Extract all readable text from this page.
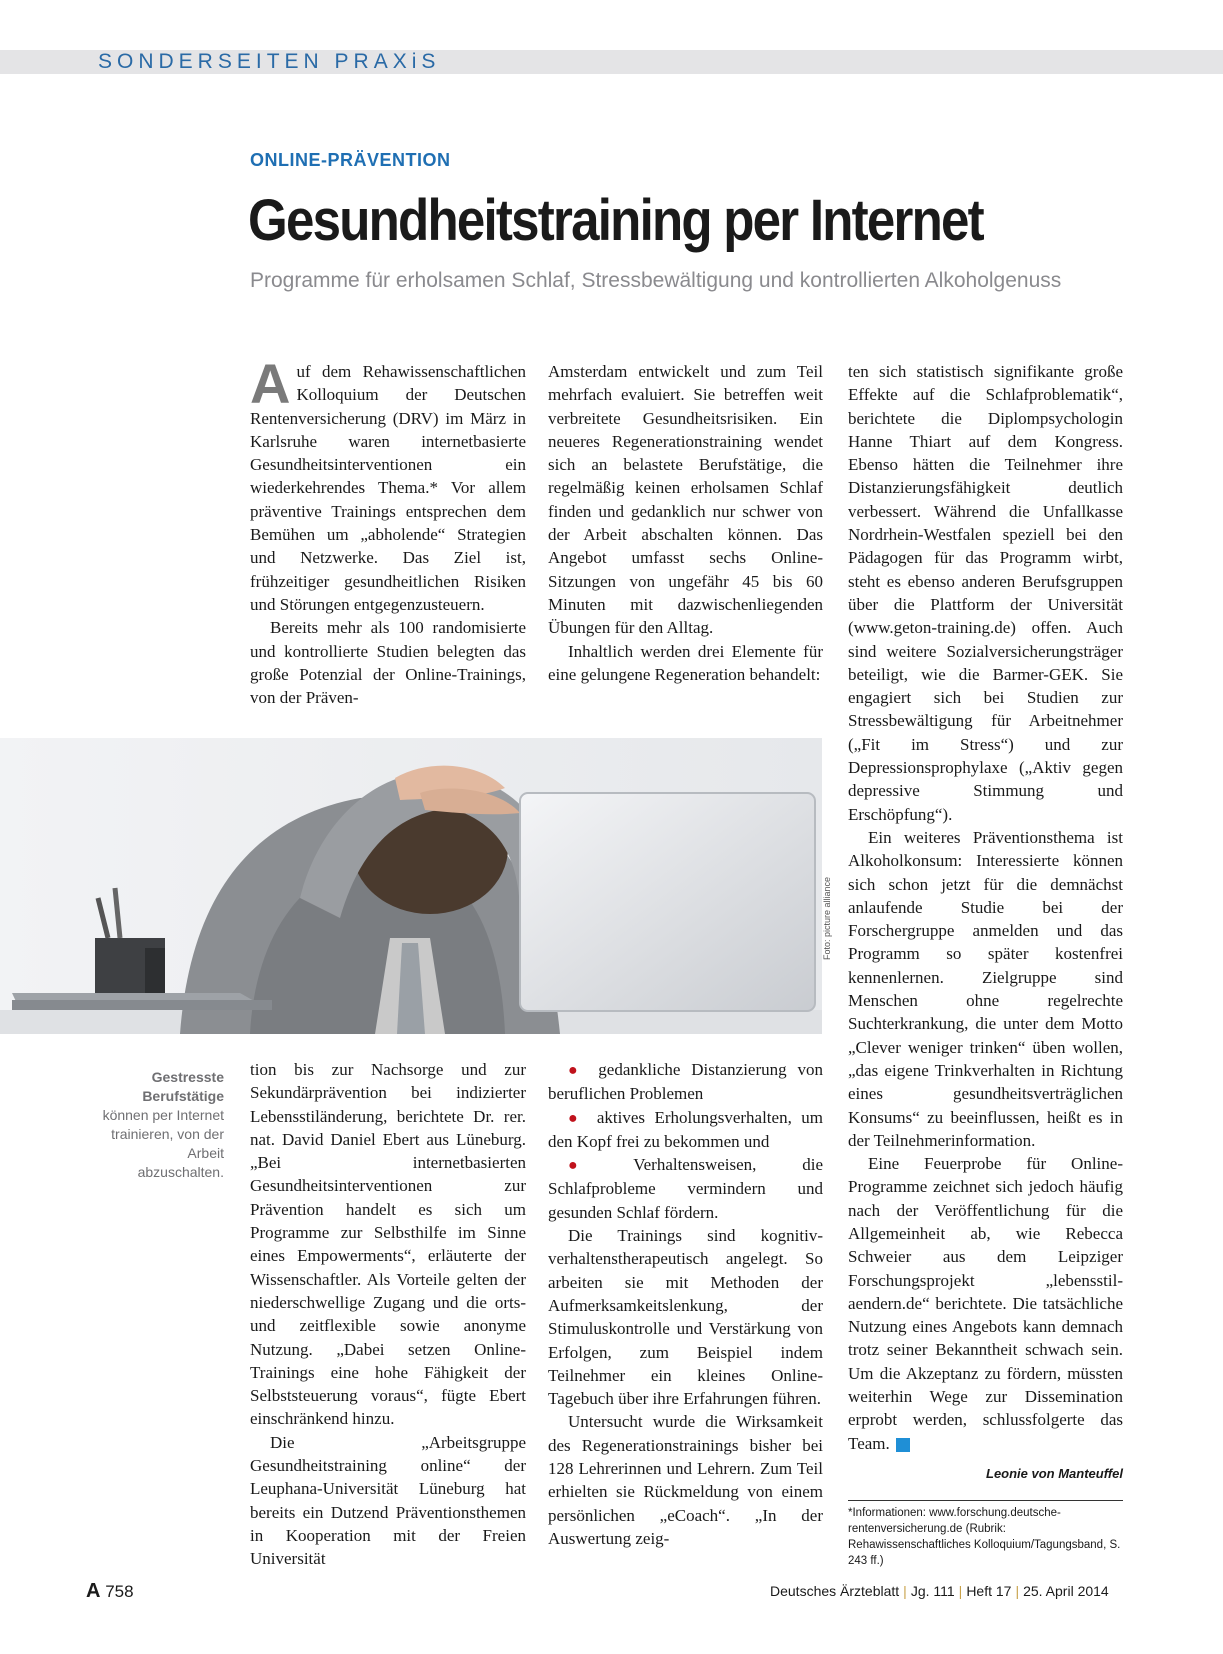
SONDERSEITEN PRAXiS
ONLINE-PRÄVENTION
Gesundheitstraining per Internet
Programme für erholsamen Schlaf, Stressbewältigung und kontrollierten Alkoholgenuss
A uf dem Rehawissenschaftlichen Kolloquium der Deutschen Rentenversicherung (DRV) im März in Karlsruhe waren internetbasierte Gesundheitsinterventionen ein wiederkehrendes Thema.* Vor allem präventive Trainings entsprechen dem Bemühen um „abholende“ Strategien und Netzwerke. Das Ziel ist, frühzeitiger gesundheitlichen Risiken und Störungen entgegenzusteuern.

Bereits mehr als 100 randomisierte und kontrollierte Studien belegten das große Potenzial der Online-Trainings, von der Präven-

Amsterdam entwickelt und zum Teil mehrfach evaluiert. Sie betreffen weit verbreitete Gesundheitsrisiken. Ein neueres Regenerationstraining wendet sich an belastete Berufstätige, die regelmäßig keinen erholsamen Schlaf finden und gedanklich nur schwer von der Arbeit abschalten können. Das Angebot umfasst sechs Online-Sitzungen von ungefähr 45 bis 60 Minuten mit dazwischenliegenden Übungen für den Alltag.

Inhaltlich werden drei Elemente für eine gelungene Regeneration behandelt:

ten sich statistisch signifikante große Effekte auf die Schlafproblematik“, berichtete die Diplompsychologin Hanne Thiart auf dem Kongress. Ebenso hätten die Teilnehmer ihre Distanzierungsfähigkeit deutlich verbessert. Während die Unfallkasse Nordrhein-Westfalen speziell bei den Pädagogen für das Programm wirbt, steht es ebenso anderen Berufsgruppen über die Plattform der Universität (www.geton-training.de) offen. Auch sind weitere Sozialversicherungsträger beteiligt, wie die Barmer-GEK. Sie engagiert sich bei Studien zur Stressbewältigung für Arbeitnehmer („Fit im Stress“) und zur Depressionsprophylaxe („Aktiv gegen depressive Stimmung und Erschöpfung“).

Ein weiteres Präventionsthema ist Alkoholkonsum: Interessierte können sich schon jetzt für die demnächst anlaufende Studie bei der Forschergruppe anmelden und das Programm so später kostenfrei kennenlernen. Zielgruppe sind Menschen ohne regelrechte Suchterkrankung, die unter dem Motto „Clever weniger trinken“ üben wollen, „das eigene Trinkverhalten in Richtung eines gesundheitsverträglichen Konsums“ zu beeinflussen, heißt es in der Teilnehmerinformation.

Eine Feuerprobe für Online-Programme zeichnet sich jedoch häufig nach der Veröffentlichung für die Allgemeinheit ab, wie Rebecca Schweier aus dem Leipziger Forschungsprojekt „lebensstil-aendern.de“ berichtete. Die tatsächliche Nutzung eines Angebots kann demnach trotz seiner Bekanntheit schwach sein. Um die Akzeptanz zu fördern, müssten weiterhin Wege zur Dissemination erprobt werden, schlussfolgerte das Team.

Foto: picture alliance
Gestresste Berufstätige können per Internet trainieren, von der Arbeit abzuschalten.

tion bis zur Nachsorge und zur Sekundärprävention bei indizierter Lebensstiländerung, berichtete Dr. rer. nat. David Daniel Ebert aus Lüneburg. „Bei internetbasierten Gesundheitsinterventionen zur Prävention handelt es sich um Programme zur Selbsthilfe im Sinne eines Empowerments“, erläuterte der Wissenschaftler. Als Vorteile gelten der niederschwellige Zugang und die orts- und zeitflexible sowie anonyme Nutzung. „Dabei setzen Online-Trainings eine hohe Fähigkeit der Selbststeuerung voraus“, fügte Ebert einschränkend hinzu.

Die „Arbeitsgruppe Gesundheitstraining online“ der Leuphana-Universität Lüneburg hat bereits ein Dutzend Präventionsthemen in Kooperation mit der Freien Universität

● gedankliche Distanzierung von beruflichen Problemen

● aktives Erholungsverhalten, um den Kopf frei zu bekommen und

● Verhaltensweisen, die Schlafprobleme vermindern und gesunden Schlaf fördern.

Die Trainings sind kognitiv-verhaltenstherapeutisch angelegt. So arbeiten sie mit Methoden der Aufmerksamkeitslenkung, der Stimuluskontrolle und Verstärkung von Erfolgen, zum Beispiel indem Teilnehmer ein kleines Online-Tagebuch über ihre Erfahrungen führen.

Untersucht wurde die Wirksamkeit des Regenerationstrainings bisher bei 128 Lehrerinnen und Lehrern. Zum Teil erhielten sie Rückmeldung von einem persönlichen „eCoach“. „In der Auswertung zeig-

Leonie von Manteuffel
*Informationen: www.forschung.deutsche-rentenversicherung.de (Rubrik: Rehawissenschaftliches Kolloquium/Tagungsband, S. 243 ff.)
A 758	Deutsches Ärzteblatt | Jg. 111 | Heft 17 | 25. April 2014
